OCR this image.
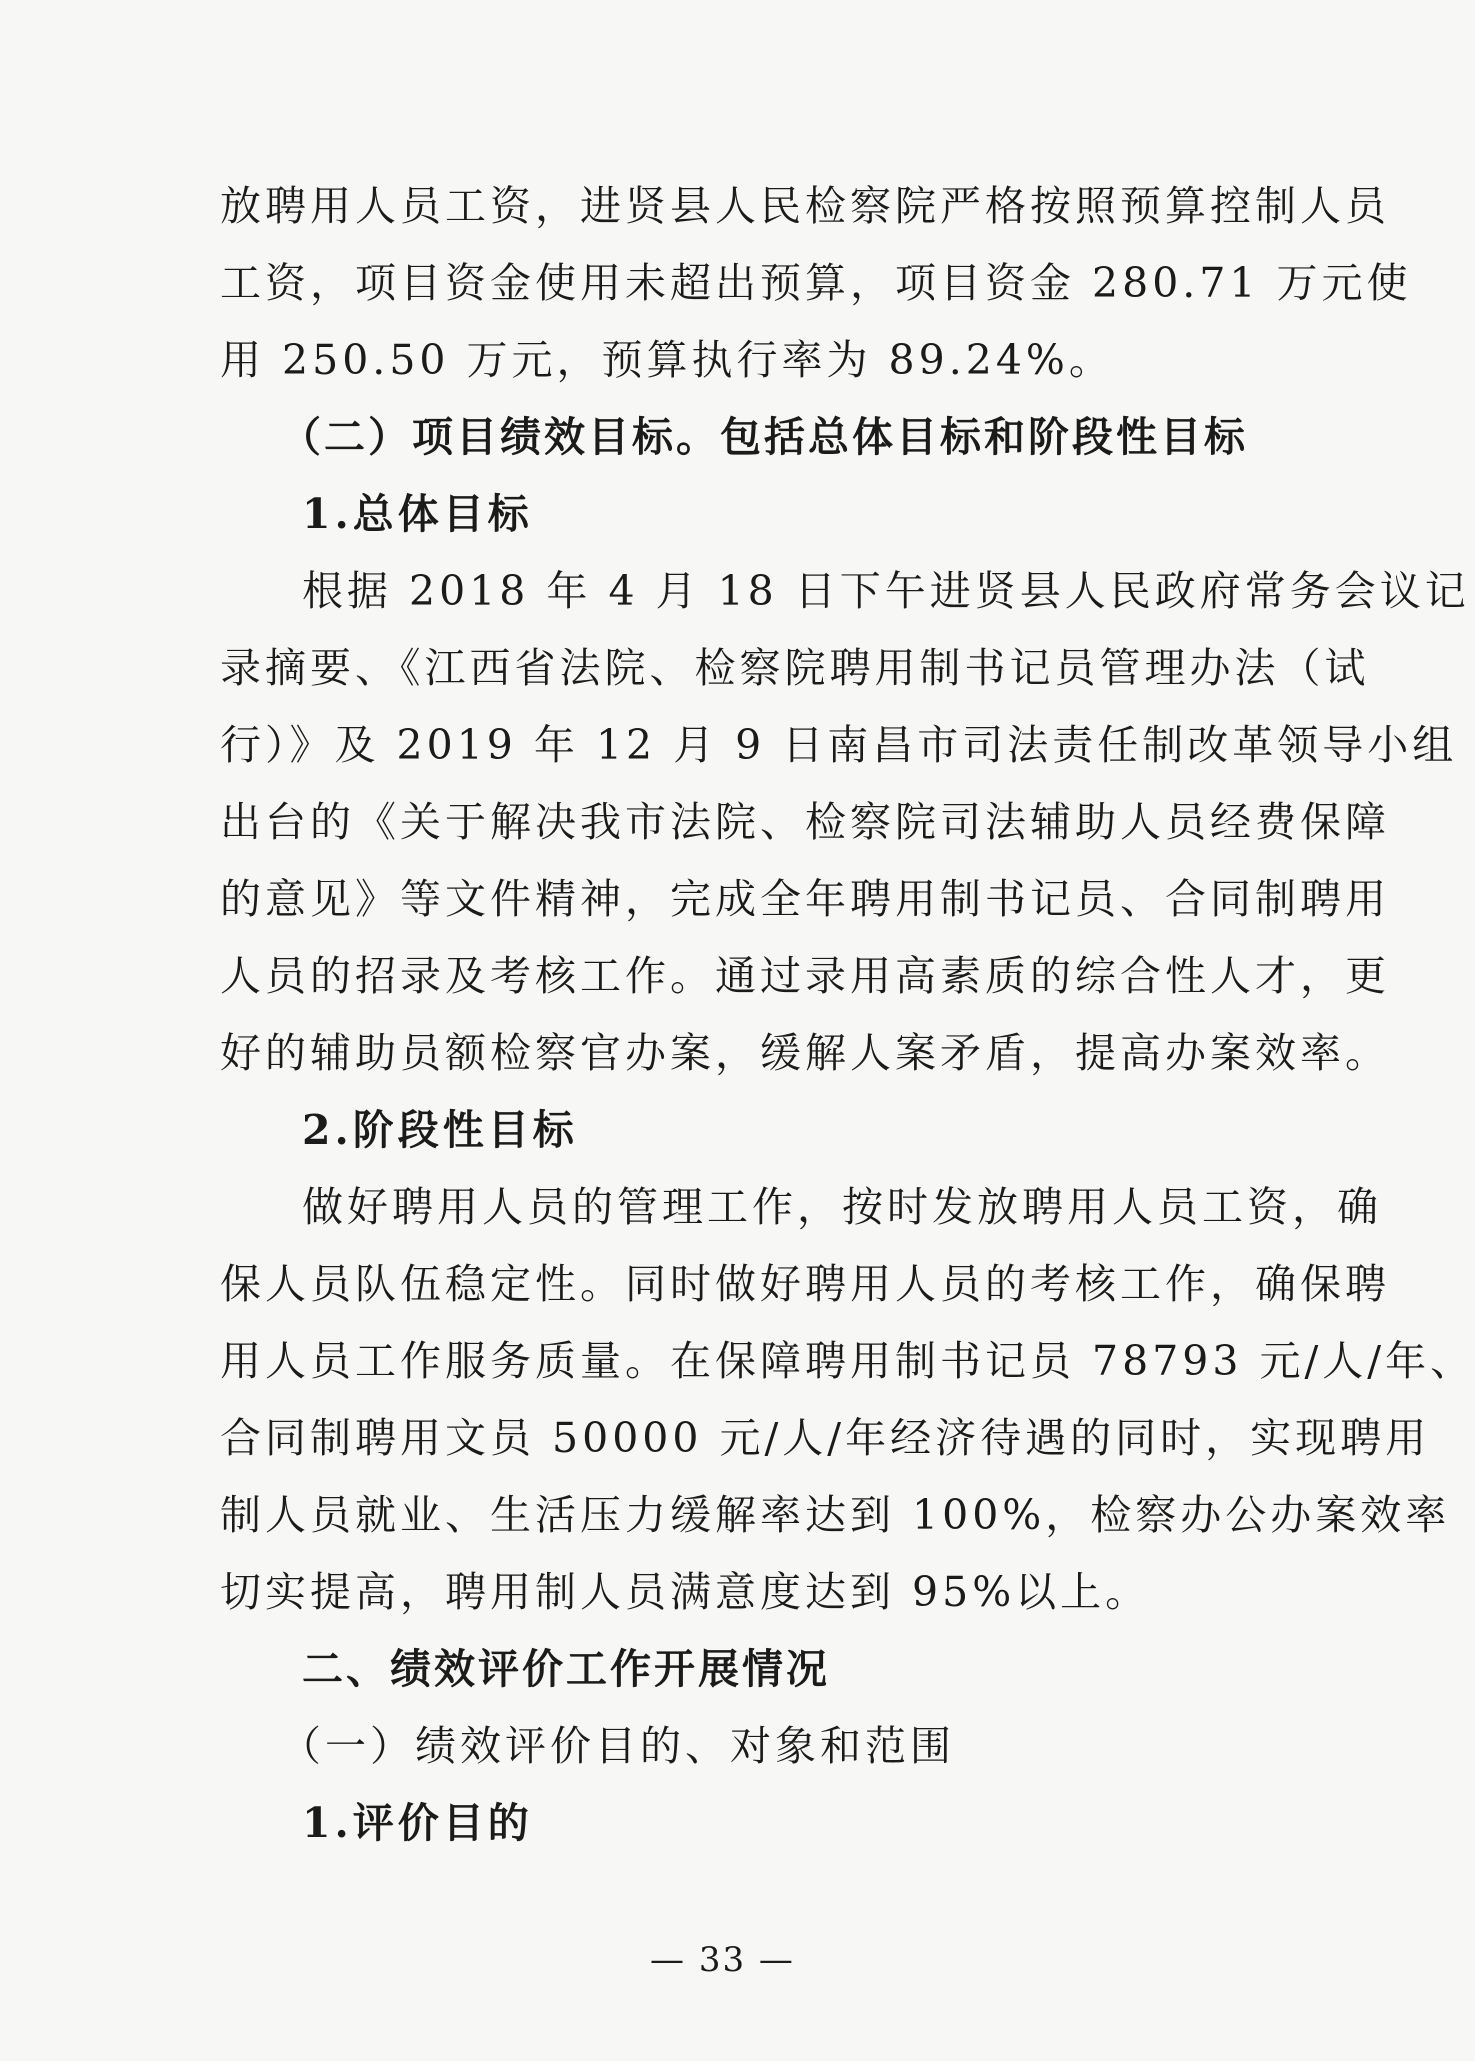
放聘用人员工资，进贤县人民检察院严格按照预算控制人员
工资，项目资金使用未超出预算，项目资金 280.71 万元使
用 250.50 万元，预算执行率为 89.24%。
（二）项目绩效目标。包括总体目标和阶段性目标
1.总体目标
根据 2018 年 4 月 18 日下午进贤县人民政府常务会议记
录摘要、《江西省法院、检察院聘用制书记员管理办法（试
行）》及 2019 年 12 月 9 日南昌市司法责任制改革领导小组
出台的《关于解决我市法院、检察院司法辅助人员经费保障
的意见》等文件精神，完成全年聘用制书记员、合同制聘用
人员的招录及考核工作。通过录用高素质的综合性人才，更
好的辅助员额检察官办案，缓解人案矛盾，提高办案效率。
2.阶段性目标
做好聘用人员的管理工作，按时发放聘用人员工资，确
保人员队伍稳定性。同时做好聘用人员的考核工作，确保聘
用人员工作服务质量。在保障聘用制书记员 78793 元/人/年、
合同制聘用文员 50000 元/人/年经济待遇的同时，实现聘用
制人员就业、生活压力缓解率达到 100%，检察办公办案效率
切实提高，聘用制人员满意度达到 95%以上。
二、绩效评价工作开展情况
（一）绩效评价目的、对象和范围
1.评价目的
— 33 —
